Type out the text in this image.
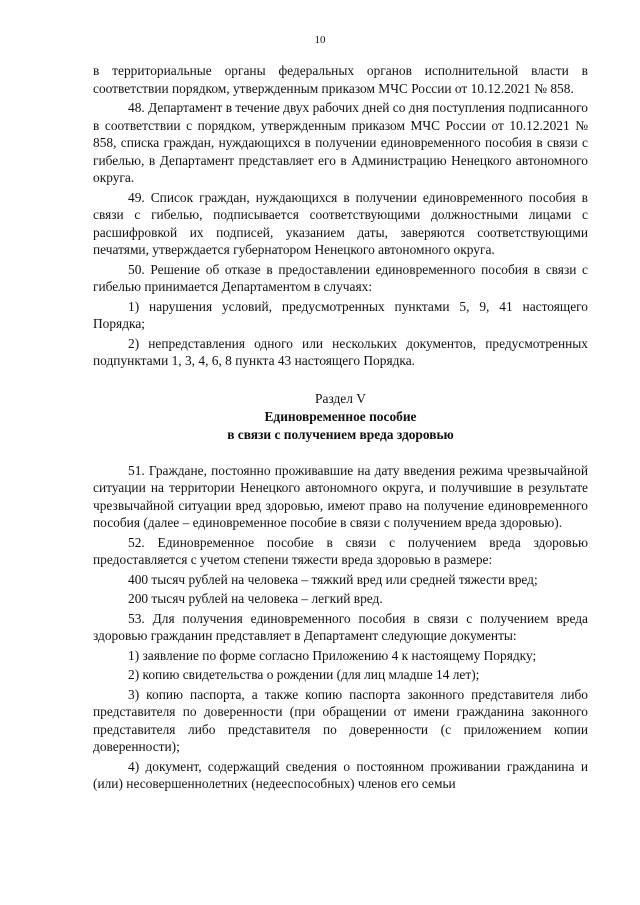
10

в территориальные органы федеральных органов исполнительной власти в соответствии порядком, утвержденным приказом МЧС России от 10.12.2021 № 858.

48. Департамент в течение двух рабочих дней со дня поступления подписанного в соответствии с порядком, утвержденным приказом МЧС России от 10.12.2021 № 858, списка граждан, нуждающихся в получении единовременного пособия в связи с гибелью, в Департамент представляет его в Администрацию Ненецкого автономного округа.

49. Список граждан, нуждающихся в получении единовременного пособия в связи с гибелью, подписывается соответствующими должностными лицами с расшифровкой их подписей, указанием даты, заверяются соответствующими печатями, утверждается губернатором Ненецкого автономного округа.

50. Решение об отказе в предоставлении единовременного пособия в связи с гибелью принимается Департаментом в случаях:

1) нарушения условий, предусмотренных пунктами 5, 9, 41 настоящего Порядка;

2) непредставления одного или нескольких документов, предусмотренных подпунктами 1, 3, 4, 6, 8 пункта 43 настоящего Порядка.

Раздел V
Единовременное пособие
в связи с получением вреда здоровью

51. Граждане, постоянно проживавшие на дату введения режима чрезвычайной ситуации на территории Ненецкого автономного округа, и получившие в результате чрезвычайной ситуации вред здоровью, имеют право на получение единовременного пособия (далее – единовременное пособие в связи с получением вреда здоровью).

52. Единовременное пособие в связи с получением вреда здоровью предоставляется с учетом степени тяжести вреда здоровью в размере:

400 тысяч рублей на человека – тяжкий вред или средней тяжести вред;

200 тысяч рублей на человека – легкий вред.

53. Для получения единовременного пособия в связи с получением вреда здоровью гражданин представляет в Департамент следующие документы:

1) заявление по форме согласно Приложению 4 к настоящему Порядку;

2) копию свидетельства о рождении (для лиц младше 14 лет);

3) копию паспорта, а также копию паспорта законного представителя либо представителя по доверенности (при обращении от имени гражданина законного представителя либо представителя по доверенности (с приложением копии доверенности);

4) документ, содержащий сведения о постоянном проживании гражданина и (или) несовершеннолетних (недееспособных) членов его семьи
